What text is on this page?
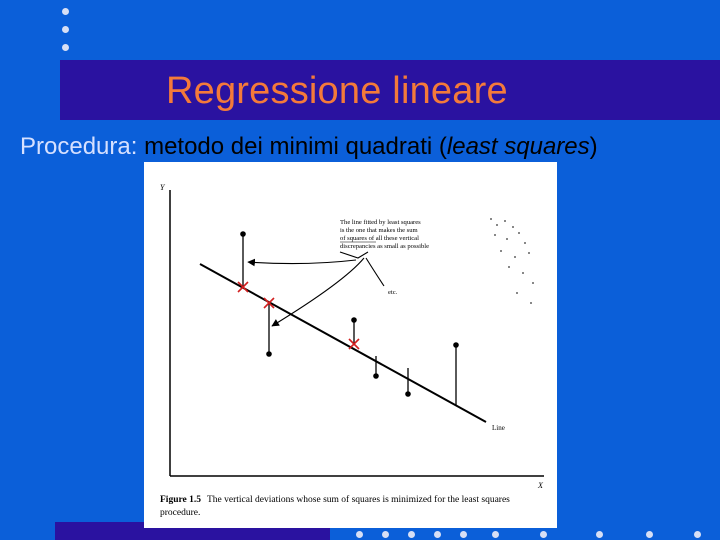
Regressione lineare
Procedura: metodo dei minimi quadrati (least squares)
Y
X
Line
The line fitted by least squares
is the one that makes the sum
of squares of all these vertical
discrepancies as small as possible
etc.
Figure 1.5 The vertical deviations whose sum of squares is minimized for the least squares procedure.
